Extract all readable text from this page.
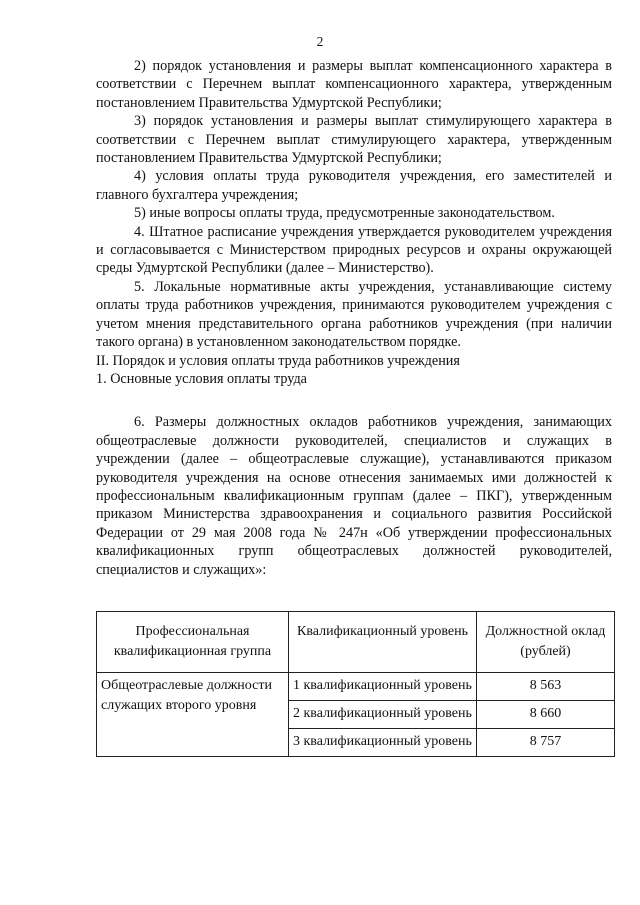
2

2) порядок установления и размеры выплат компенсационного характера в соответствии с Перечнем выплат компенсационного характера, утвержденным постановлением Правительства Удмуртской Республики;

3) порядок установления и размеры выплат стимулирующего характера в соответствии с Перечнем выплат стимулирующего характера, утвержденным постановлением Правительства Удмуртской Республики;

4) условия оплаты труда руководителя учреждения, его заместителей и главного бухгалтера учреждения;

5) иные вопросы оплаты труда, предусмотренные законодательством.

4. Штатное расписание учреждения утверждается руководителем учреждения и согласовывается с Министерством природных ресурсов и охраны окружающей среды Удмуртской Республики (далее – Министерство).

5. Локальные нормативные акты учреждения, устанавливающие систему оплаты труда работников учреждения, принимаются руководителем учреждения с учетом мнения представительного органа работников учреждения (при наличии такого органа) в установленном законодательством порядке.

II. Порядок и условия оплаты труда работников учреждения

1. Основные условия оплаты труда

6. Размеры должностных окладов работников учреждения, занимающих общеотраслевые должности руководителей, специалистов и служащих в учреждении (далее – общеотраслевые служащие), устанавливаются приказом руководителя учреждения на основе отнесения занимаемых ими должностей к профессиональным квалификационным группам (далее – ПКГ), утвержденным приказом Министерства здравоохранения и социального развития Российской Федерации от 29 мая 2008 года № 247н «Об утверждении профессиональных квалификационных групп общеотраслевых должностей руководителей, специалистов и служащих»:

Профессиональная квалификационная группа	Квалификационный уровень	Должностной оклад (рублей)
Общеотраслевые должности служащих второго уровня	1 квалификационный уровень	8 563
	2 квалификационный уровень	8 660
	3 квалификационный уровень	8 757
